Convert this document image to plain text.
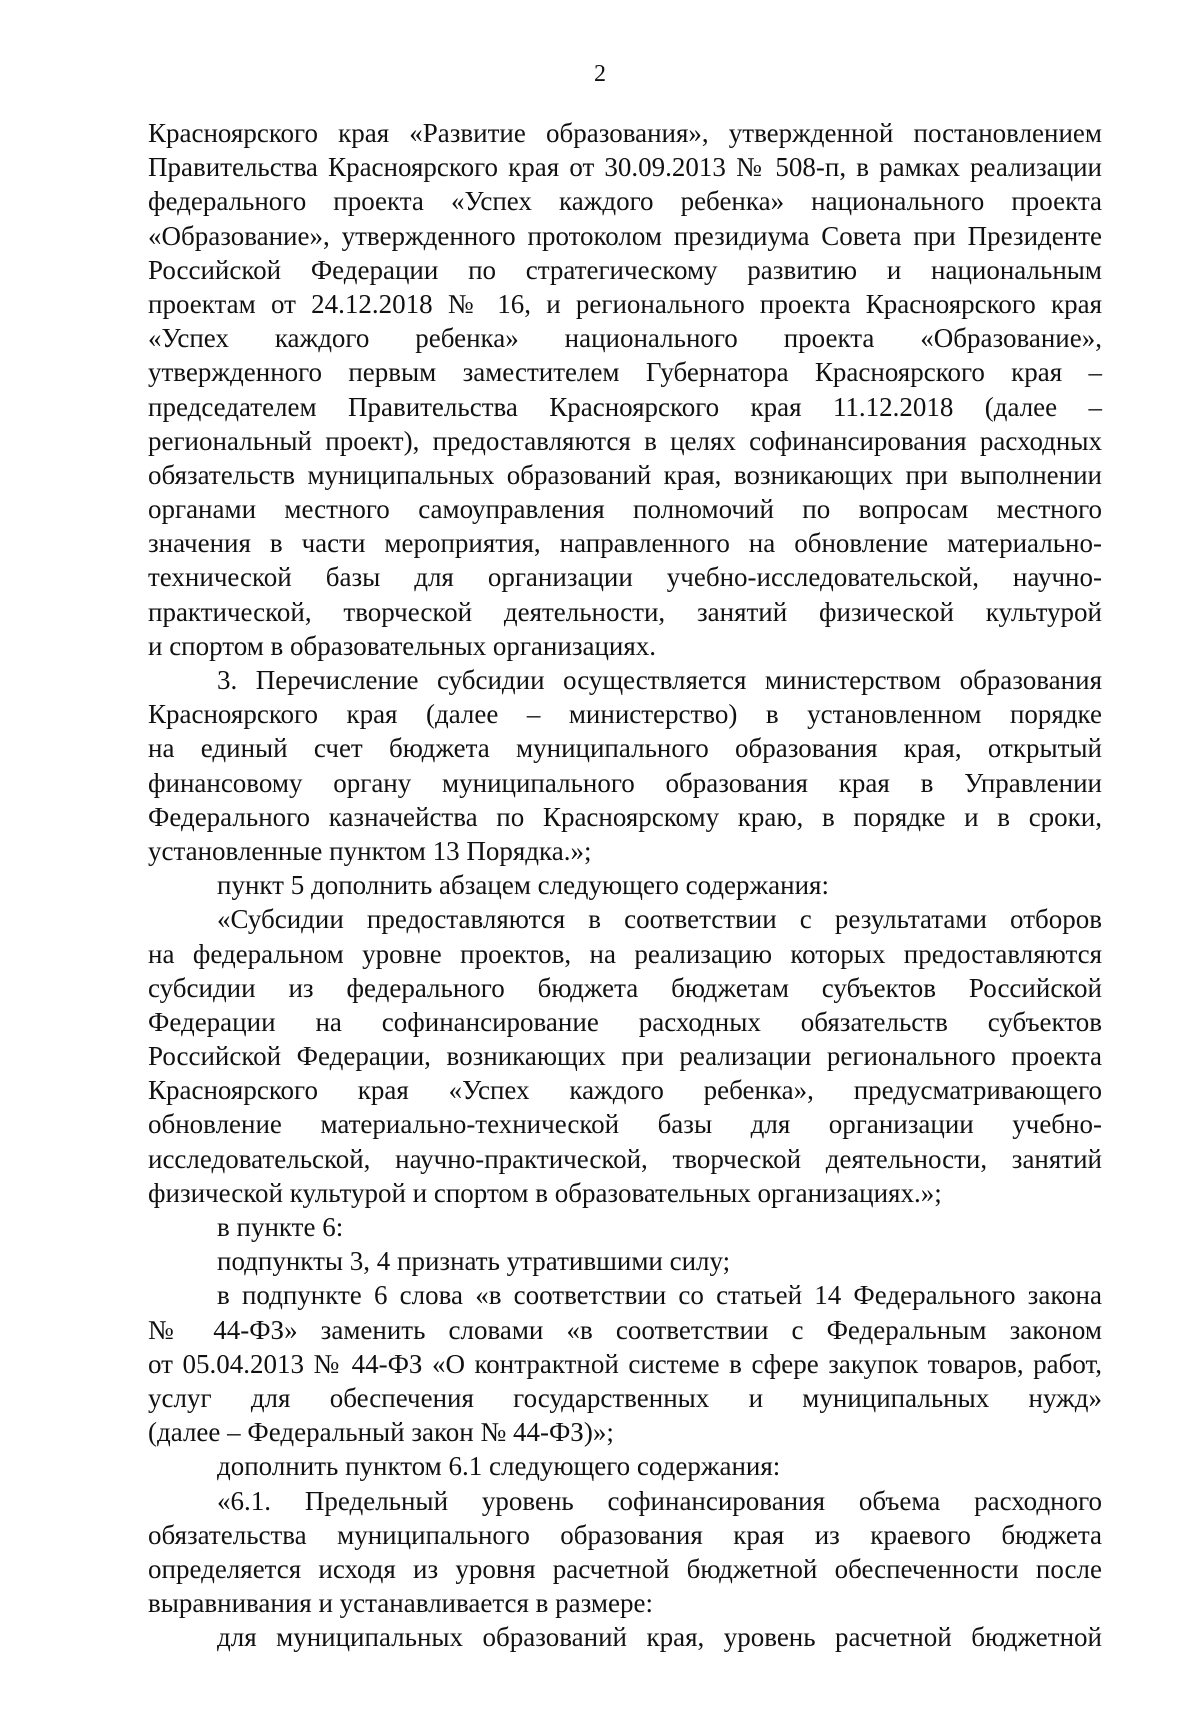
2
Красноярского края «Развитие образования», утвержденной постановлением
Правительства Красноярского края от 30.09.2013 № 508-п, в рамках реализации
федерального проекта «Успех каждого ребенка» национального проекта
«Образование», утвержденного протоколом президиума Совета при Президенте
Российской Федерации по стратегическому развитию и национальным
проектам от 24.12.2018 № 16, и регионального проекта Красноярского края
«Успех каждого ребенка» национального проекта «Образование»,
утвержденного первым заместителем Губернатора Красноярского края –
председателем Правительства Красноярского края 11.12.2018 (далее –
региональный проект), предоставляются в целях софинансирования расходных
обязательств муниципальных образований края, возникающих при выполнении
органами местного самоуправления полномочий по вопросам местного
значения в части мероприятия, направленного на обновление материально-
технической базы для организации учебно-исследовательской, научно-
практической, творческой деятельности, занятий физической культурой
и спортом в образовательных организациях.
3. Перечисление субсидии осуществляется министерством образования
Красноярского края (далее – министерство) в установленном порядке
на единый счет бюджета муниципального образования края, открытый
финансовому органу муниципального образования края в Управлении
Федерального казначейства по Красноярскому краю, в порядке и в сроки,
установленные пунктом 13 Порядка.»;
пункт 5 дополнить абзацем следующего содержания:
«Субсидии предоставляются в соответствии с результатами отборов
на федеральном уровне проектов, на реализацию которых предоставляются
субсидии из федерального бюджета бюджетам субъектов Российской
Федерации на софинансирование расходных обязательств субъектов
Российской Федерации, возникающих при реализации регионального проекта
Красноярского края «Успех каждого ребенка», предусматривающего
обновление материально-технической базы для организации учебно-
исследовательской, научно-практической, творческой деятельности, занятий
физической культурой и спортом в образовательных организациях.»;
в пункте 6:
подпункты 3, 4 признать утратившими силу;
в подпункте 6 слова «в соответствии со статьей 14 Федерального закона
№ 44-ФЗ» заменить словами «в соответствии с Федеральным законом
от 05.04.2013 № 44-ФЗ «О контрактной системе в сфере закупок товаров, работ,
услуг для обеспечения государственных и муниципальных нужд»
(далее – Федеральный закон № 44-ФЗ)»;
дополнить пунктом 6.1 следующего содержания:
«6.1. Предельный уровень софинансирования объема расходного
обязательства муниципального образования края из краевого бюджета
определяется исходя из уровня расчетной бюджетной обеспеченности после
выравнивания и устанавливается в размере:
для муниципальных образований края, уровень расчетной бюджетной
